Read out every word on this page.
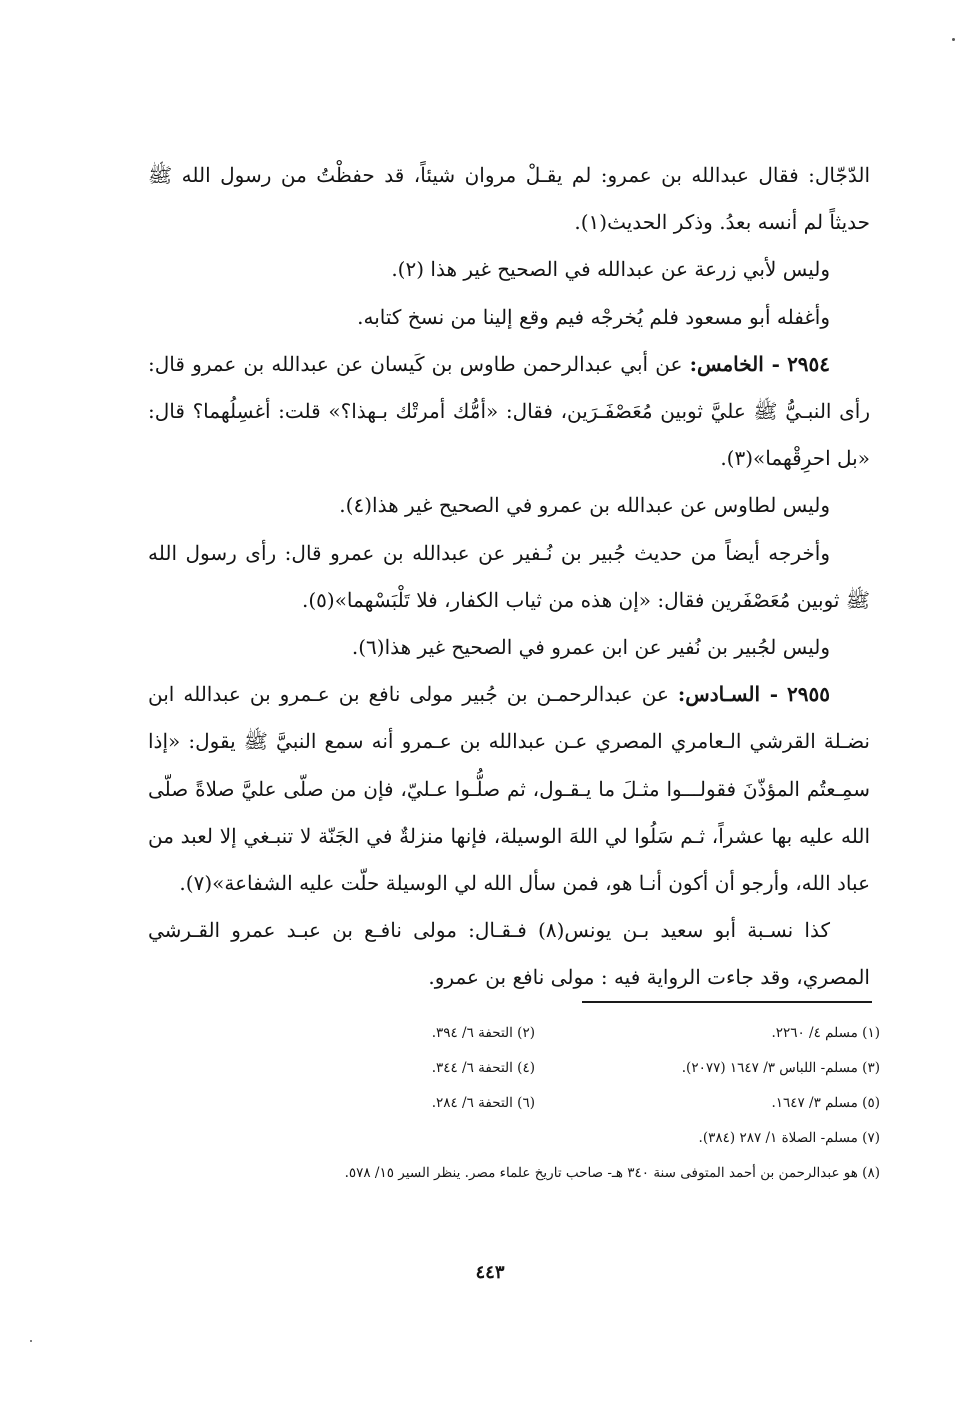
الدّجّال: فقال عبدالله بن عمرو: لم يقـلْ مروان شيئاً، قد حفظْتُ من رسول الله ﷺ حديثاً لم أنسه بعدُ. وذكر الحديث(١).

وليس لأبي زرعة عن عبدالله في الصحيح غير هذا (٢).

وأغفله أبو مسعود فلم يُخرجْه فيم وقع إلينا من نسخ كتابه.

٢٩٥٤ - الخامس: عن أبي عبدالرحمن طاوس بن كَيسان عن عبدالله بن عمرو قال: رأى النبـيُّ ﷺ عليَّ ثوبين مُعَصْفَـرَين، فقال: «أمُّك أمرتْك بـهذا؟» قلت: أغسِلُهما؟ قال: «بل احرِقْهما»(٣).

وليس لطاوس عن عبدالله بن عمرو في الصحيح غير هذا(٤).

وأخرجه أيضاً من حديث جُبير بن نُـفير عن عبدالله بن عمرو قال: رأى رسول الله ﷺ ثوبين مُعَصْفَرين فقال: «إن هذه من ثياب الكفار، فلا تَلْبَسْهما»(٥).

وليس لجُبير بن نُفير عن ابن عمرو في الصحيح غير هذا(٦).

٢٩٥٥ - السـادس: عن عبدالرحمـن بن جُبير مولى نافع بن عـمرو بن عبدالله ابن نضـلة القرشي الـعامري المصري عـن عبدالله بن عـمرو أنه سمع النبيَّ ﷺ يقول: «إذا سمِـعتُم المؤذّنَ فقولـــوا مثـلَ ما يـقـول، ثم صلُّـوا عـليّ، فإن من صلّى عليَّ صلاةً صلّى الله عليه بها عشراً، ثـم سَلُوا لي اللهَ الوسيلة، فإنها منزلةٌ في الجَنّة لا تنبـغي إلا لعبد من عباد الله، وأرجو أن أكون أنـا هو، فمن سأل الله لي الوسيلة حلّت عليه الشفاعة»(٧).

كذا نسـبة أبو سعيد بـن يونس(٨) فـقـال: مولى نافـع بن عبـد عمرو القـرشي المصري، وقد جاءت الرواية فيه : مولى نافع بن عمرو.

(١) مسلم ٤/ ٢٢٦٠.
(٢) التحفة ٦/ ٣٩٤.
(٣) مسلم- اللباس ٣/ ١٦٤٧ (٢٠٧٧).
(٤) التحفة ٦/ ٣٤٤.
(٥) مسلم ٣/ ١٦٤٧.
(٦) التحفة ٦/ ٢٨٤.
(٧) مسلم- الصلاة ١/ ٢٨٧ (٣٨٤).
(٨) هو عبدالرحمن بن أحمد المتوفى سنة ٣٤٠ هـ- صاحب تاريخ علماء مصر. ينظر السير ١٥/ ٥٧٨.
٤٤٣
